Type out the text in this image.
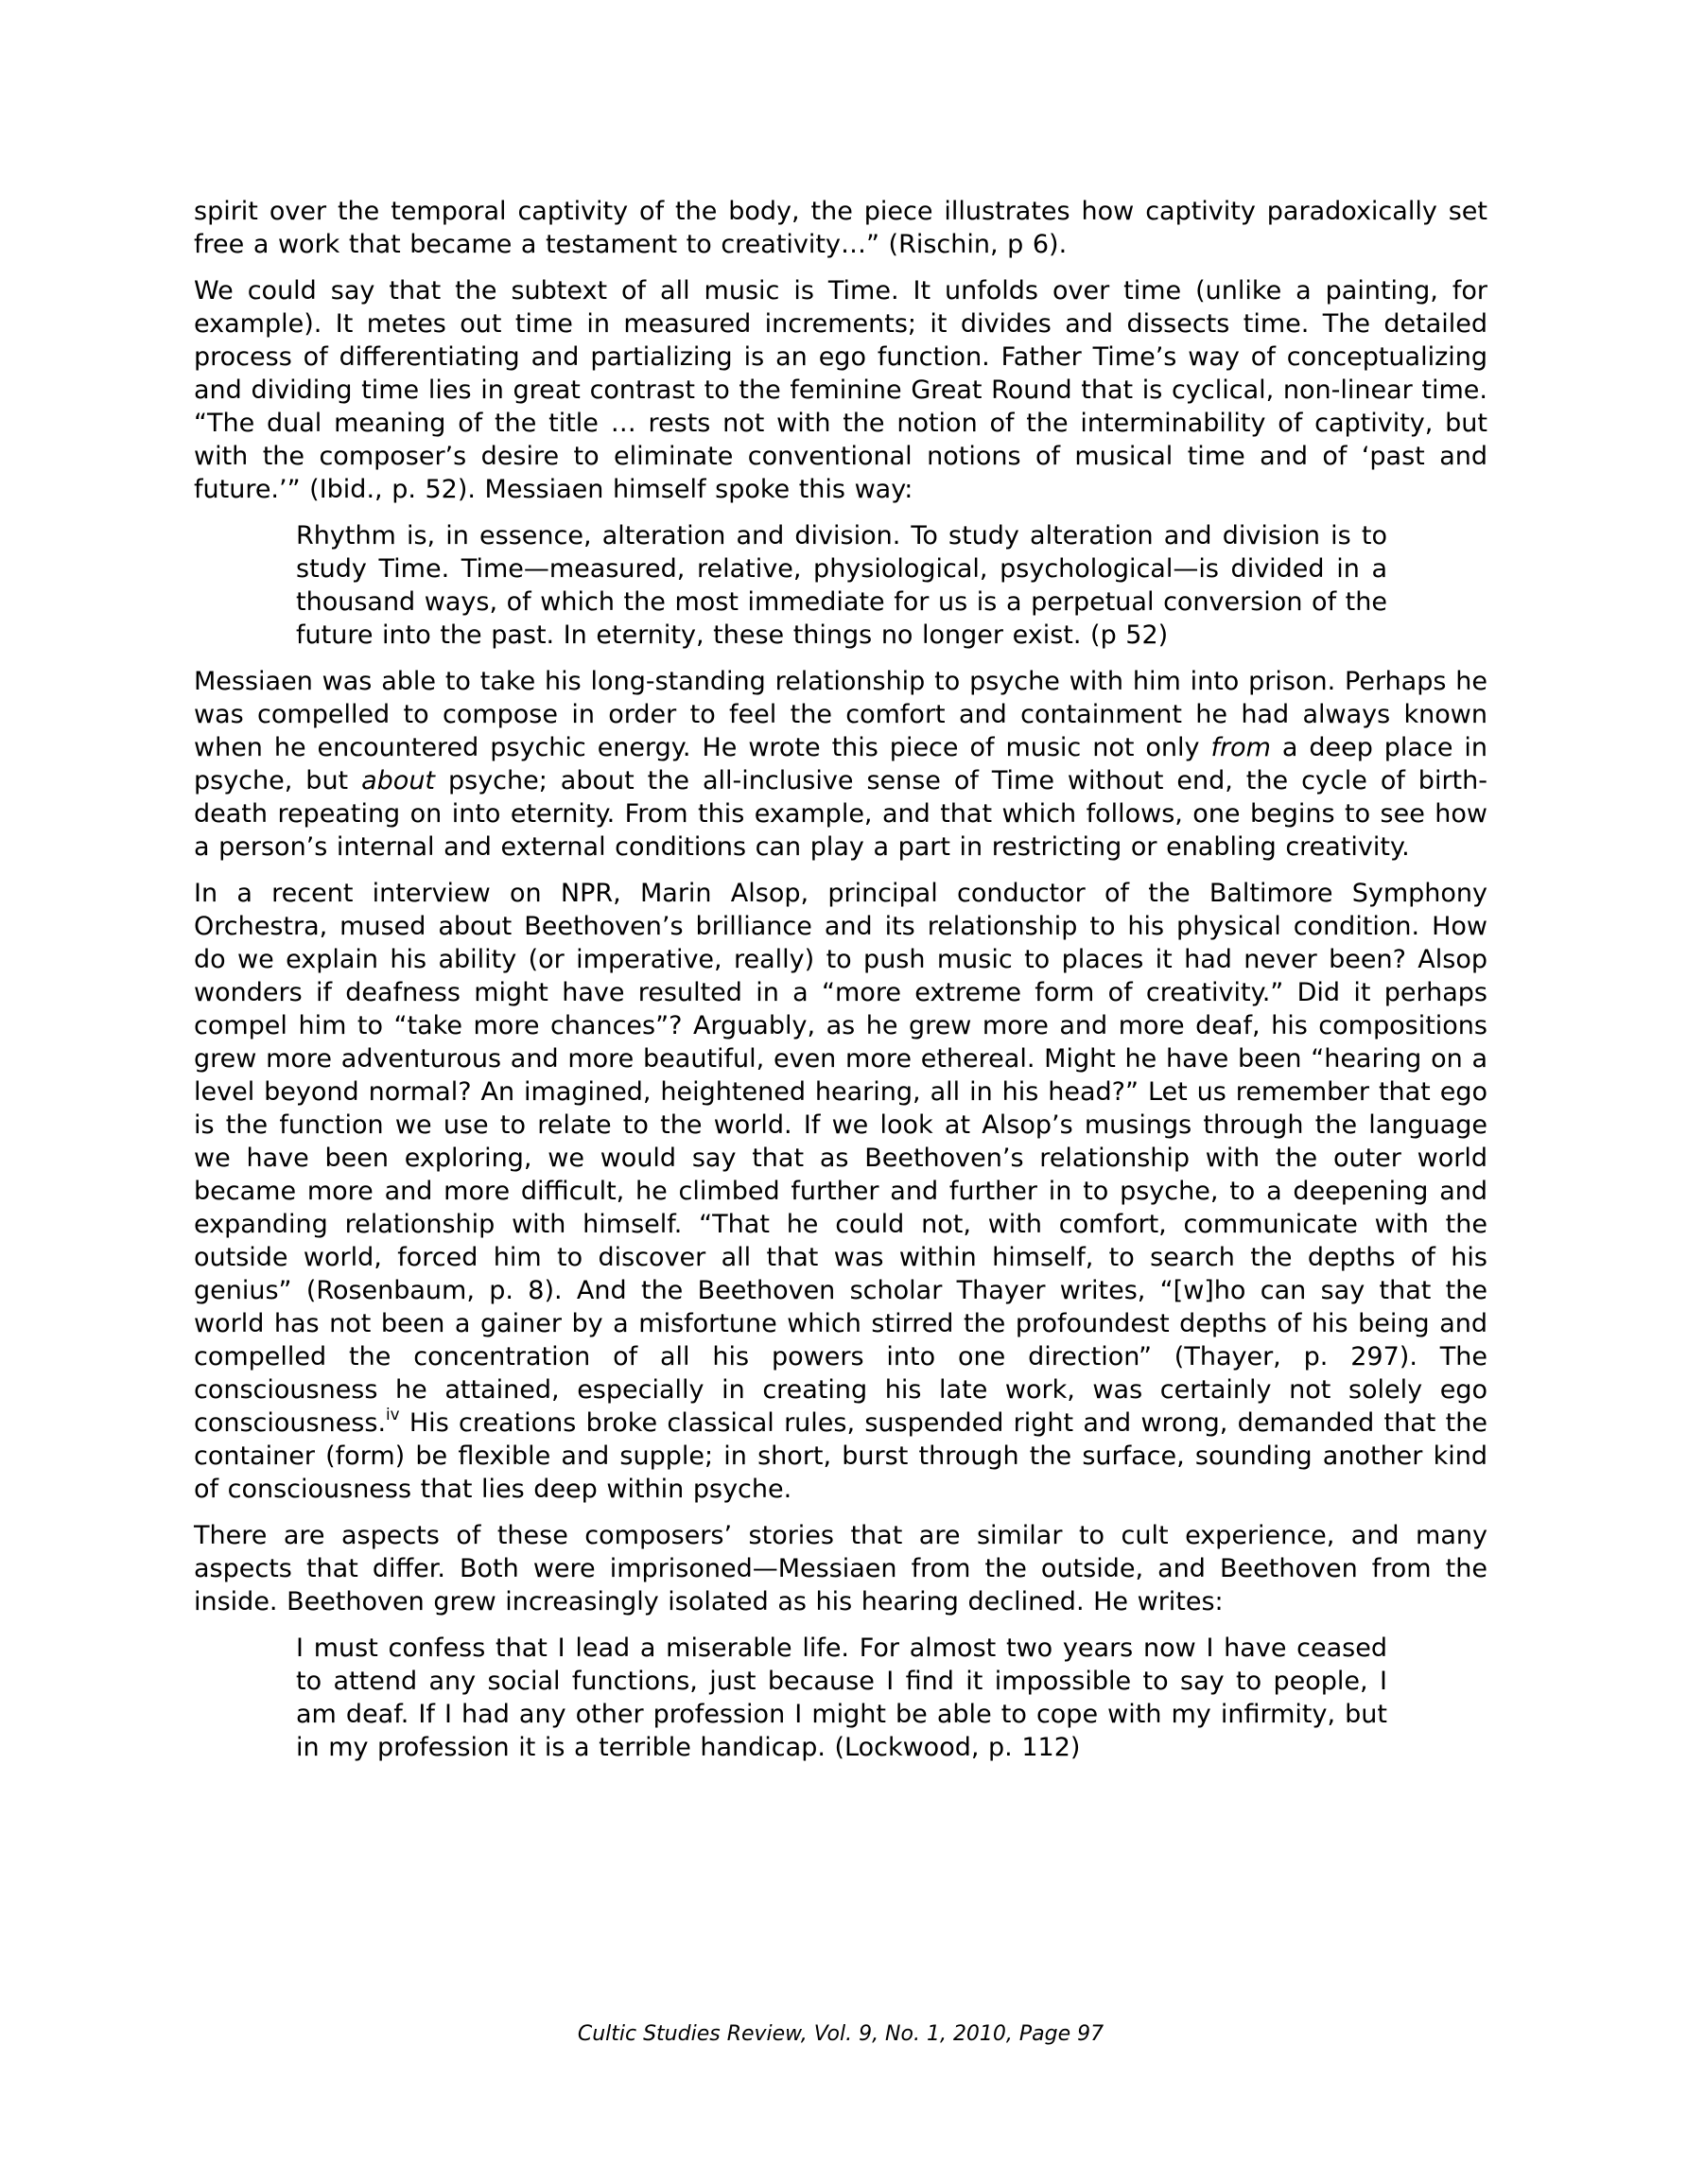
spirit over the temporal captivity of the body, the piece illustrates how captivity paradoxically set free a work that became a testament to creativity…” (Rischin, p 6).

We could say that the subtext of all music is Time. It unfolds over time (unlike a painting, for example). It metes out time in measured increments; it divides and dissects time. The detailed process of differentiating and partializing is an ego function. Father Time’s way of conceptualizing and dividing time lies in great contrast to the feminine Great Round that is cyclical, non-linear time. “The dual meaning of the title … rests not with the notion of the interminability of captivity, but with the composer’s desire to eliminate conventional notions of musical time and of ‘past and future.’” (Ibid., p. 52). Messiaen himself spoke this way:

Rhythm is, in essence, alteration and division. To study alteration and division is to study Time. Time—measured, relative, physiological, psychological—is divided in a thousand ways, of which the most immediate for us is a perpetual conversion of the future into the past. In eternity, these things no longer exist. (p 52)

Messiaen was able to take his long-standing relationship to psyche with him into prison. Perhaps he was compelled to compose in order to feel the comfort and containment he had always known when he encountered psychic energy. He wrote this piece of music not only from a deep place in psyche, but about psyche; about the all-inclusive sense of Time without end, the cycle of birth-death repeating on into eternity. From this example, and that which follows, one begins to see how a person’s internal and external conditions can play a part in restricting or enabling creativity.

In a recent interview on NPR, Marin Alsop, principal conductor of the Baltimore Symphony Orchestra, mused about Beethoven’s brilliance and its relationship to his physical condition. How do we explain his ability (or imperative, really) to push music to places it had never been? Alsop wonders if deafness might have resulted in a “more extreme form of creativity.” Did it perhaps compel him to “take more chances”? Arguably, as he grew more and more deaf, his compositions grew more adventurous and more beautiful, even more ethereal. Might he have been “hearing on a level beyond normal? An imagined, heightened hearing, all in his head?” Let us remember that ego is the function we use to relate to the world. If we look at Alsop’s musings through the language we have been exploring, we would say that as Beethoven’s relationship with the outer world became more and more difficult, he climbed further and further in to psyche, to a deepening and expanding relationship with himself. “That he could not, with comfort, communicate with the outside world, forced him to discover all that was within himself, to search the depths of his genius” (Rosenbaum, p. 8). And the Beethoven scholar Thayer writes, “[w]ho can say that the world has not been a gainer by a misfortune which stirred the profoundest depths of his being and compelled the concentration of all his powers into one direction” (Thayer, p. 297). The consciousness he attained, especially in creating his late work, was certainly not solely ego consciousness.$^{iv}$ His creations broke classical rules, suspended right and wrong, demanded that the container (form) be flexible and supple; in short, burst through the surface, sounding another kind of consciousness that lies deep within psyche.

There are aspects of these composers’ stories that are similar to cult experience, and many aspects that differ. Both were imprisoned—Messiaen from the outside, and Beethoven from the inside. Beethoven grew increasingly isolated as his hearing declined. He writes:

I must confess that I lead a miserable life. For almost two years now I have ceased to attend any social functions, just because I find it impossible to say to people, I am deaf. If I had any other profession I might be able to cope with my infirmity, but in my profession it is a terrible handicap. (Lockwood, p. 112)

Cultic Studies Review, Vol. 9, No. 1, 2010, Page 97
